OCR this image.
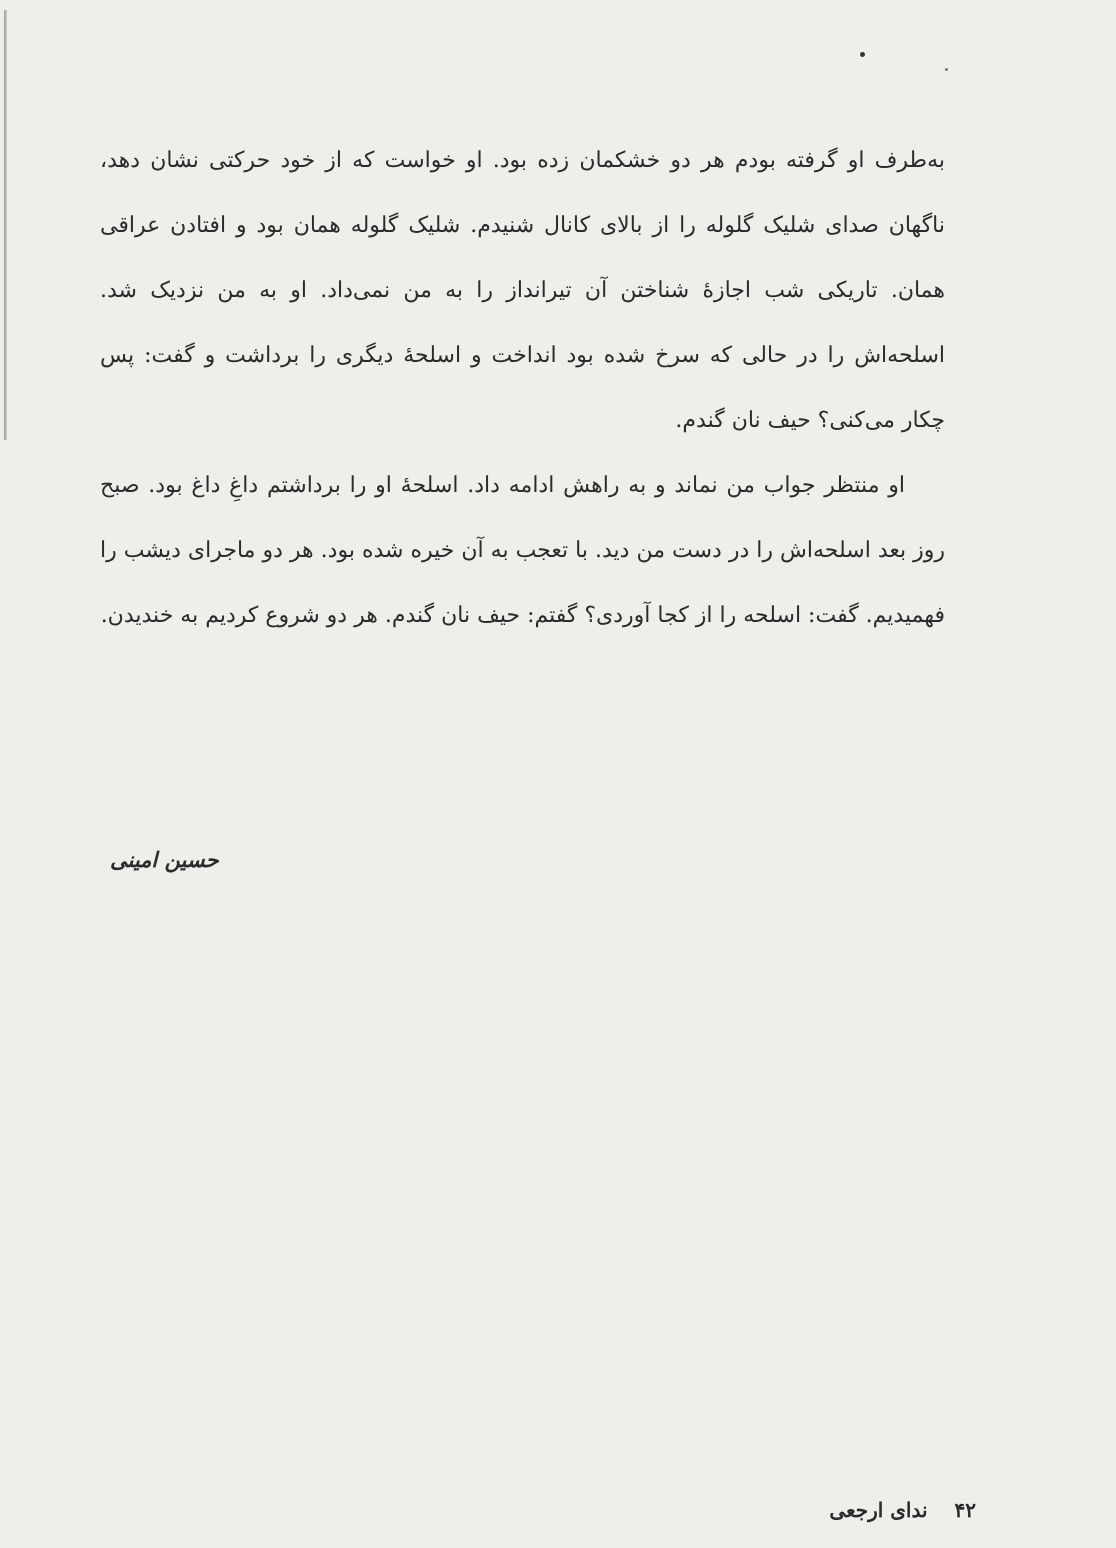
به‌طرف او گرفته بودم هر دو خشکمان زده بود. او خواست که از خود حرکتی نشان دهد، ناگهان صدای شلیک گلوله را از بالای کانال شنیدم. شلیک گلوله همان بود و افتادن عراقی همان. تاریکی شب اجازهٔ شناختن آن تیرانداز را به من نمی‌داد. او به من نزدیک شد. اسلحه‌اش را در حالی که سرخ شده بود انداخت و اسلحهٔ دیگری را برداشت و گفت: پس چکار می‌کنی؟ حیف نان گندم.

او منتظر جواب من نماند و به راهش ادامه داد. اسلحهٔ او را برداشتم داغِ داغ بود. صبح روز بعد اسلحه‌اش را در دست من دید. با تعجب به آن خیره شده بود. هر دو ماجرای دیشب را فهمیدیم. گفت: اسلحه را از کجا آوردی؟ گفتم: حیف نان گندم. هر دو شروع کردیم به خندیدن.

حسین امینی
۴۲ ندای ارجعی
